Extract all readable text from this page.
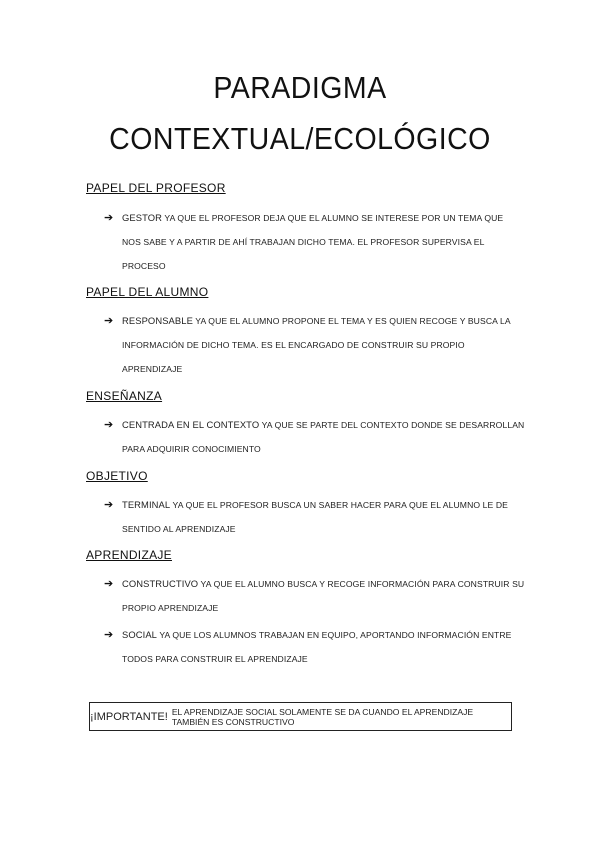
PARADIGMA
CONTEXTUAL/ECOLÓGICO
PAPEL DEL PROFESOR
➔ GESTOR YA QUE EL PROFESOR DEJA QUE EL ALUMNO SE INTERESE POR UN TEMA QUE NOS SABE Y A PARTIR DE AHÍ TRABAJAN DICHO TEMA. EL PROFESOR SUPERVISA EL PROCESO
PAPEL DEL ALUMNO
➔ RESPONSABLE YA QUE EL ALUMNO PROPONE EL TEMA Y ES QUIEN RECOGE Y BUSCA LA INFORMACIÓN DE DICHO TEMA. ES EL ENCARGADO DE CONSTRUIR SU PROPIO APRENDIZAJE
ENSEÑANZA
➔ CENTRADA EN EL CONTEXTO YA QUE SE PARTE DEL CONTEXTO DONDE SE DESARROLLAN PARA ADQUIRIR CONOCIMIENTO
OBJETIVO
➔ TERMINAL YA QUE EL PROFESOR BUSCA UN SABER HACER PARA QUE EL ALUMNO LE DE SENTIDO AL APRENDIZAJE
APRENDIZAJE
➔ CONSTRUCTIVO YA QUE EL ALUMNO BUSCA Y RECOGE INFORMACIÓN PARA CONSTRUIR SU PROPIO APRENDIZAJE
➔ SOCIAL YA QUE LOS ALUMNOS TRABAJAN EN EQUIPO, APORTANDO INFORMACIÓN ENTRE TODOS PARA CONSTRUIR EL APRENDIZAJE
¡IMPORTANTE! EL APRENDIZAJE SOCIAL SOLAMENTE SE DA CUANDO EL APRENDIZAJE TAMBIÉN ES CONSTRUCTIVO
